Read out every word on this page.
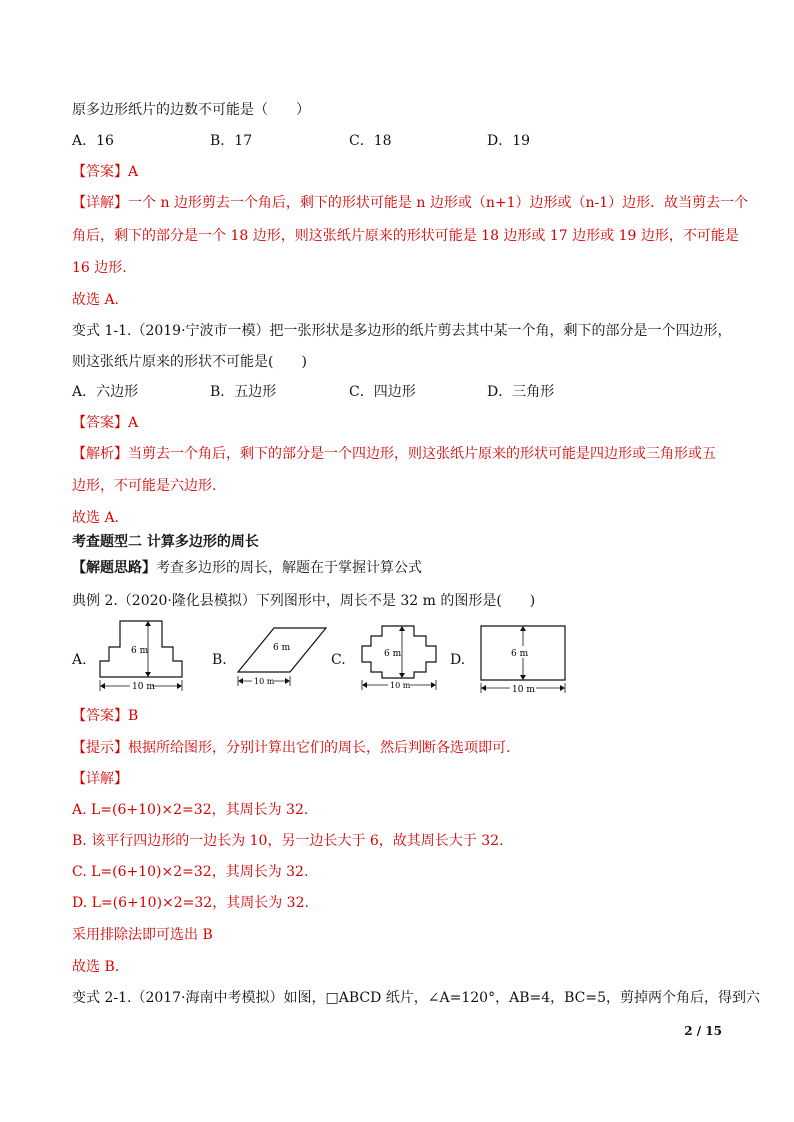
原多边形纸片的边数不可能是（　　）
A．16	B．17	C．18	D．19
【答案】A
【详解】一个 n 边形剪去一个角后，剩下的形状可能是 n 边形或（n+1）边形或（n-1）边形．故当剪去一个
角后，剩下的部分是一个 18 边形，则这张纸片原来的形状可能是 18 边形或 17 边形或 19 边形，不可能是
16 边形.
故选 A.
变式 1-1.（2019·宁波市一模）把一张形状是多边形的纸片剪去其中某一个角，剩下的部分是一个四边形，
则这张纸片原来的形状不可能是(　　)
A．六边形	B．五边形	C．四边形	D．三角形
【答案】A
【解析】当剪去一个角后，剩下的部分是一个四边形，则这张纸片原来的形状可能是四边形或三角形或五
边形，不可能是六边形.
故选 A.
考查题型二 计算多边形的周长
【解题思路】考查多边形的周长，解题在于掌握计算公式
典例 2.（2020·隆化县模拟）下列图形中，周长不是 32 m 的图形是(　　)
A.
6 m
10 m
B.
6 m
10 m
C.	6 m
10 m
D.	6 m
10 m
【答案】B
【提示】根据所给图形，分别计算出它们的周长，然后判断各选项即可.
【详解】
A. L=(6+10)×2=32，其周长为 32.
B. 该平行四边形的一边长为 10，另一边长大于 6，故其周长大于 32.
C. L=(6+10)×2=32，其周长为 32.
D. L=(6+10)×2=32，其周长为 32.
采用排除法即可选出 B
故选 B.
变式 2-1.（2017·海南中考模拟）如图，□ABCD 纸片，∠A=120°，AB=4，BC=5，剪掉两个角后，得到六
2 / 15
